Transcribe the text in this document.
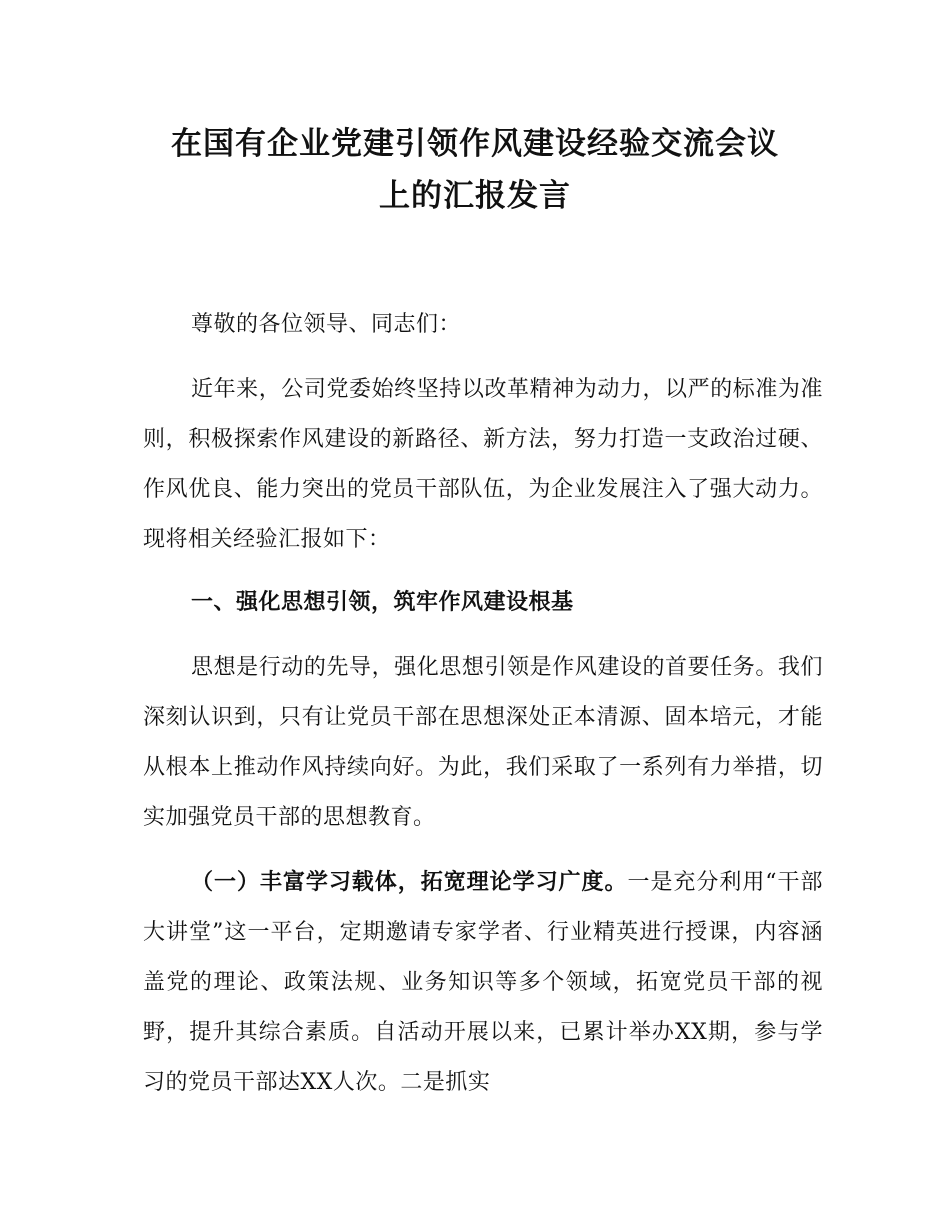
在国有企业党建引领作风建设经验交流会议
上的汇报发言

尊敬的各位领导、同志们：

近年来，公司党委始终坚持以改革精神为动力，以严的标准为准则，积极探索作风建设的新路径、新方法，努力打造一支政治过硬、作风优良、能力突出的党员干部队伍，为企业发展注入了强大动力。现将相关经验汇报如下：

一、强化思想引领，筑牢作风建设根基

思想是行动的先导，强化思想引领是作风建设的首要任务。我们深刻认识到，只有让党员干部在思想深处正本清源、固本培元，才能从根本上推动作风持续向好。为此，我们采取了一系列有力举措，切实加强党员干部的思想教育。

（一）丰富学习载体，拓宽理论学习广度。一是充分利用“干部大讲堂”这一平台，定期邀请专家学者、行业精英进行授课，内容涵盖党的理论、政策法规、业务知识等多个领域，拓宽党员干部的视野，提升其综合素质。自活动开展以来，已累计举办XX期，参与学习的党员干部达XX人次。二是抓实
